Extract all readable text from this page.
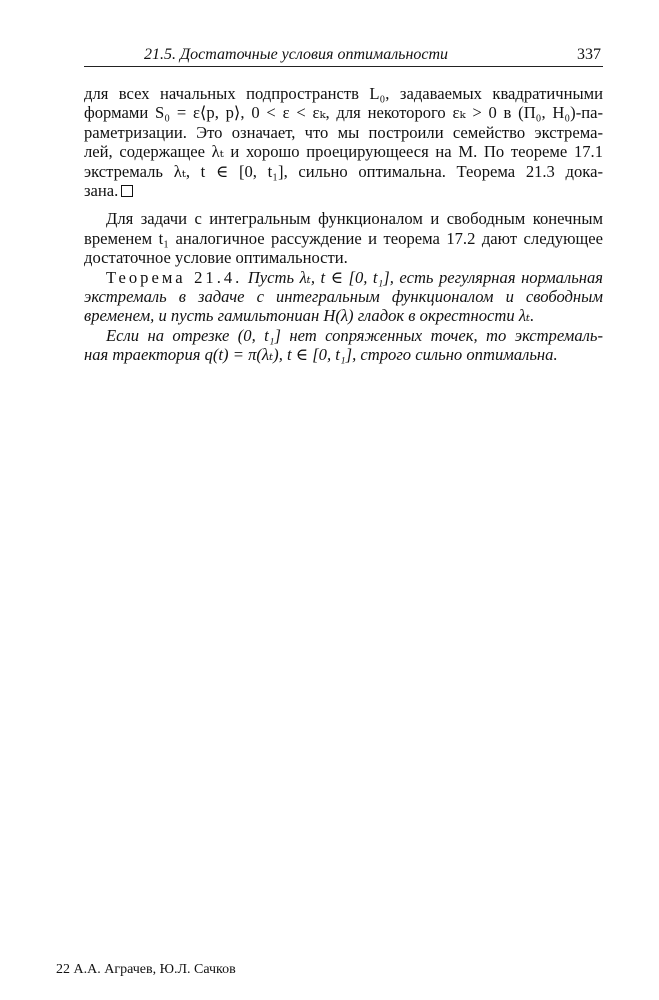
21.5. Достаточные условия оптимальности	337
для всех начальных подпространств L₀, задаваемых квадратичными
формами S₀ = ε⟨p, p⟩, 0 < ε < εₖ, для некоторого εₖ > 0 в (Π₀, H₀)-па-
раметризации. Это означает, что мы построили семейство экстрема-
лей, содержащее λₜ и хорошо проецирующееся на M. По теореме 17.1
экстремаль λₜ, t ∈ [0, t₁], сильно оптимальна. Теорема 21.3 дока-
зана.
Для задачи с интегральным функционалом и свободным конечным
временем t₁ аналогичное рассуждение и теорема 17.2 дают следующее
достаточное условие оптимальности.
Теорема 21.4. Пусть λₜ, t ∈ [0, t₁], есть регулярная нормальная
экстремаль в задаче с интегральным функционалом и свободным
временем, и пусть гамильтониан H(λ) гладок в окрестности λₜ.
Если на отрезке (0, t₁] нет сопряженных точек, то экстремаль-
ная траектория q(t) = π(λₜ), t ∈ [0, t₁], строго сильно оптимальна.
22 А.А. Аграчев, Ю.Л. Сачков
